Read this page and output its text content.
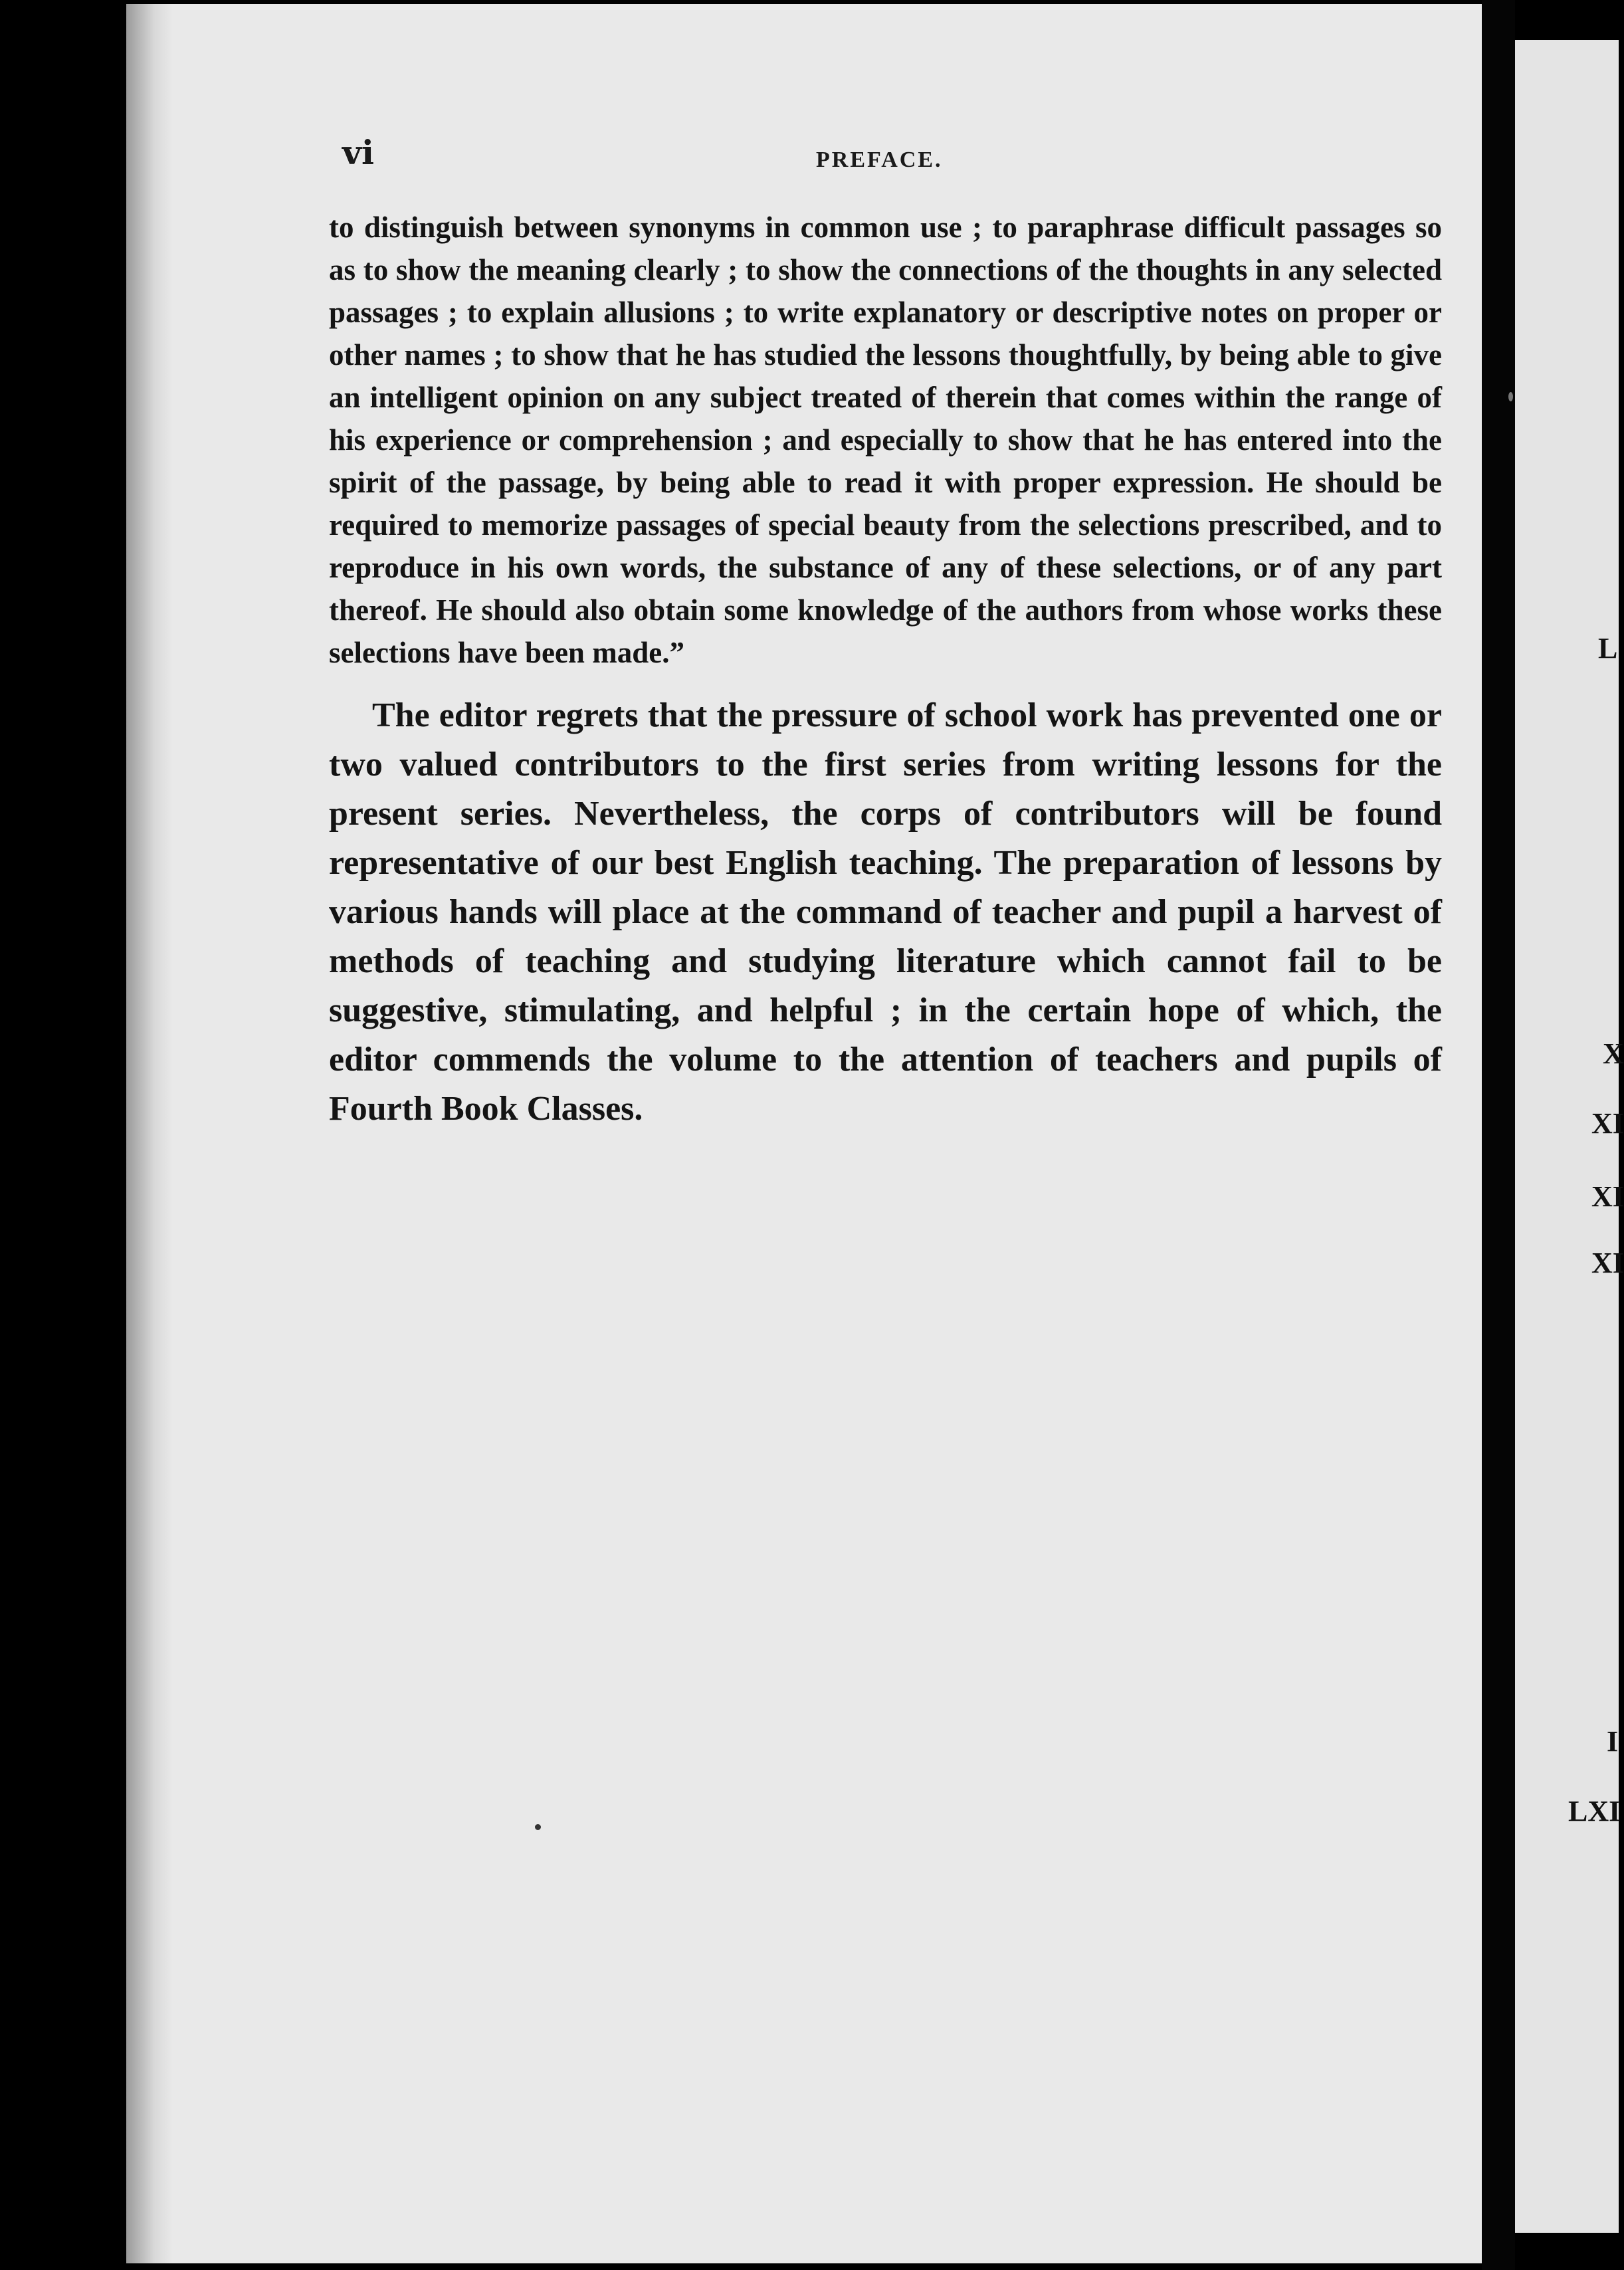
vi	PREFACE.

to distinguish between synonyms in common use ; to paraphrase difficult passages so as to show the meaning clearly ; to show the connections of the thoughts in any selected passages ; to explain allusions ; to write explanatory or descriptive notes on proper or other names ; to show that he has studied the lessons thoughtfully, by being able to give an intelligent opinion on any subject treated of therein that comes within the range of his experience or comprehension ; and especially to show that he has entered into the spirit of the passage, by being able to read it with proper expression. He should be required to memorize passages of special beauty from the selections prescribed, and to reproduce in his own words, the substance of any of these selections, or of any part thereof. He should also obtain some knowledge of the authors from whose works these selections have been made.”

The editor regrets that the pressure of school work has prevented one or two valued contributors to the first series from writing lessons for the present series. Nevertheless, the corps of contributors will be found representative of our best English teaching. The preparation of lessons by various hands will place at the command of teacher and pupil a harvest of methods of teaching and studying literature which cannot fail to be suggestive, stimulating, and helpful ; in the certain hope of which, the editor commends the volume to the attention of teachers and pupils of Fourth Book Classes.

L
X
XI
XI
XI
I
LXI
